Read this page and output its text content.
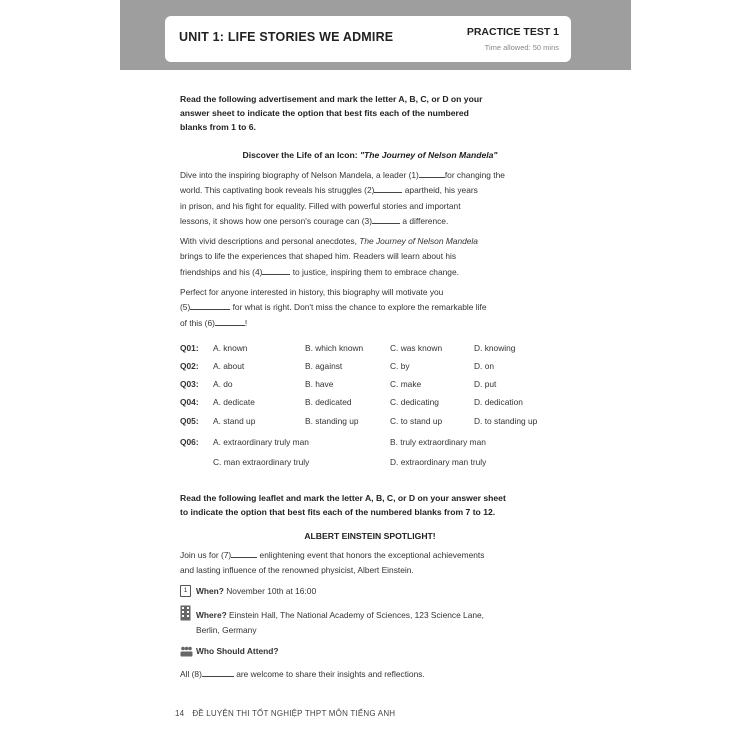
UNIT 1: LIFE STORIES WE ADMIRE	PRACTICE TEST 1
Time allowed: 50 mins
Read the following advertisement and mark the letter A, B, C, or D on your
answer sheet to indicate the option that best fits each of the numbered
blanks from 1 to 6.
Discover the Life of an Icon: "The Journey of Nelson Mandela"
Dive into the inspiring biography of Nelson Mandela, a leader (1)	for changing the
world. This captivating book reveals his struggles (2)	apartheid, his years
in prison, and his fight for equality. Filled with powerful stories and important
lessons, it shows how one person's courage can (3)	a difference.
With vivid descriptions and personal anecdotes, The Journey of Nelson Mandela
brings to life the experiences that shaped him. Readers will learn about his
friendships and his (4)	to justice, inspiring them to embrace change.
Perfect for anyone interested in history, this biography will motivate you
(5)	for what is right. Don't miss the chance to explore the remarkable life
of this (6)	!
Q01: A. known	B. which known	C. was known	D. knowing
Q02: A. about	B. against	C. by	D. on
Q03: A. do	B. have	C. make	D. put
Q04: A. dedicate	B. dedicated	C. dedicating	D. dedication
Q05: A. stand up	B. standing up	C. to stand up	D. to standing up
Q06: A. extraordinary truly man	B. truly extraordinary man
C. man extraordinary truly	D. extraordinary man truly
Read the following leaflet and mark the letter A, B, C, or D on your answer sheet
to indicate the option that best fits each of the numbered blanks from 7 to 12.
ALBERT EINSTEIN SPOTLIGHT!
Join us for (7)	enlightening event that honors the exceptional achievements
and lasting influence of the renowned physicist, Albert Einstein.
1	When? November 10th at 16:00
Where? Einstein Hall, The National Academy of Sciences, 123 Science Lane,
Berlin, Germany
Who Should Attend?
All (8)	are welcome to share their insights and reflections.
14 ĐỀ LUYỆN THI TỐT NGHIỆP THPT MÔN TIẾNG ANH
